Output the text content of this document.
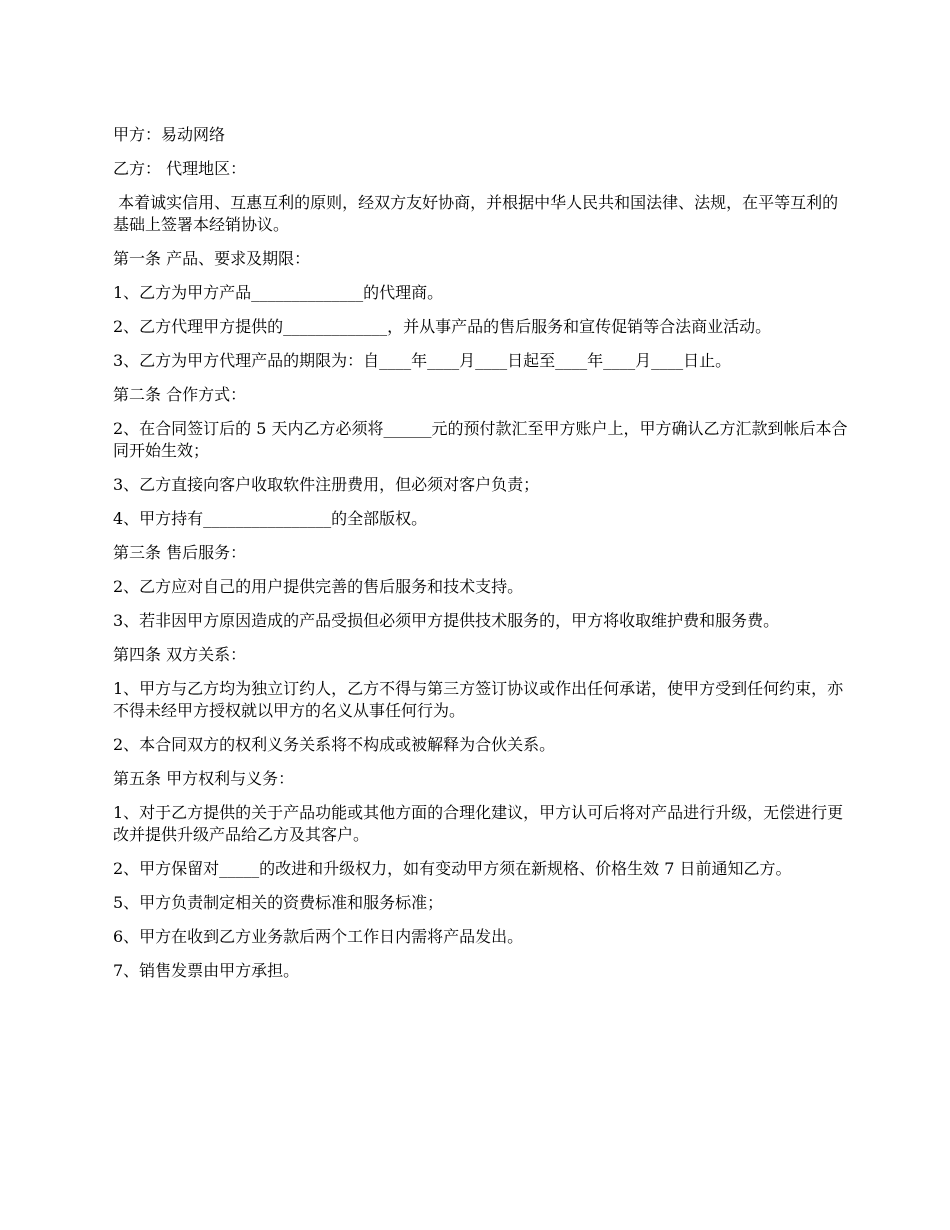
甲方：易动网络

乙方： 代理地区：

本着诚实信用、互惠互利的原则，经双方友好协商，并根据中华人民共和国法律、法规，在平等互利的基础上签署本经销协议。

第一条 产品、要求及期限：

1、乙方为甲方产品______________的代理商。

2、乙方代理甲方提供的_____________，并从事产品的售后服务和宣传促销等合法商业活动。

3、乙方为甲方代理产品的期限为：自____年____月____日起至____年____月____日止。

第二条 合作方式：

2、在合同签订后的 5 天内乙方必须将______元的预付款汇至甲方账户上，甲方确认乙方汇款到帐后本合同开始生效；

3、乙方直接向客户收取软件注册费用，但必须对客户负责；

4、甲方持有________________的全部版权。

第三条 售后服务：

2、乙方应对自己的用户提供完善的售后服务和技术支持。

3、若非因甲方原因造成的产品受损但必须甲方提供技术服务的，甲方将收取维护费和服务费。

第四条 双方关系：

1、甲方与乙方均为独立订约人，乙方不得与第三方签订协议或作出任何承诺，使甲方受到任何约束，亦不得未经甲方授权就以甲方的名义从事任何行为。

2、本合同双方的权利义务关系将不构成或被解释为合伙关系。

第五条 甲方权利与义务：

1、对于乙方提供的关于产品功能或其他方面的合理化建议，甲方认可后将对产品进行升级，无偿进行更改并提供升级产品给乙方及其客户。

2、甲方保留对_____的改进和升级权力，如有变动甲方须在新规格、价格生效 7 日前通知乙方。

5、甲方负责制定相关的资费标准和服务标准；

6、甲方在收到乙方业务款后两个工作日内需将产品发出。

7、销售发票由甲方承担。
